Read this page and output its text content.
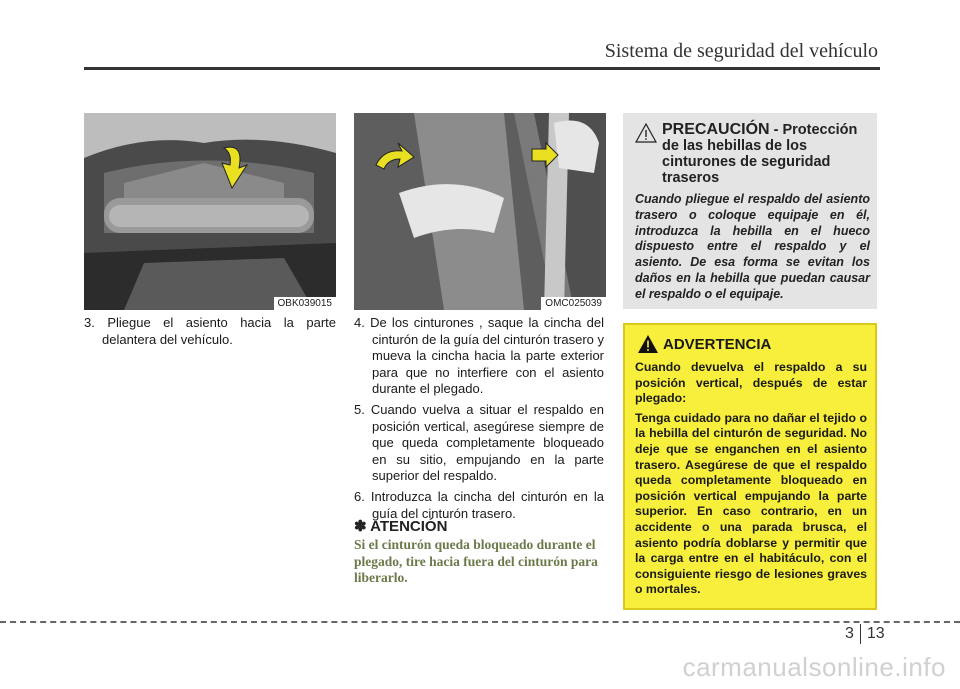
Sistema de seguridad del vehículo
OBK039015	OMC025039

3. Pliegue el asiento hacia la parte delantera del vehículo.

4. De los cinturones , saque la cincha del cinturón de la guía del cinturón trasero y mueva la cincha hacia la parte exterior para que no interfiere con el asiento durante el plegado.

5. Cuando vuelva a situar el respaldo en posición vertical, asegúrese siempre de que queda completamente bloqueado en su sitio, empujando en la parte superior del respaldo.

6. Introduzca la cincha del cinturón en la guía del cinturón trasero.

✽ ATENCIÓN
Si el cinturón queda bloqueado durante el plegado, tire hacia fuera del cinturón para liberarlo.
PRECAUCIÓN - Protección de las hebillas de los cinturones de seguridad traseros
Cuando pliegue el respaldo del asiento trasero o coloque equipaje en él, introduzca la hebilla en el hueco dispuesto entre el respaldo y el asiento. De esa forma se evitan los daños en la hebilla que puedan causar el respaldo o el equipaje.
ADVERTENCIA

Cuando devuelva el respaldo a su posición vertical, después de estar plegado:

Tenga cuidado para no dañar el tejido o la hebilla del cinturón de seguridad. No deje que se enganchen en el asiento trasero. Asegúrese de que el respaldo queda completamente bloqueado en posición vertical empujando la parte superior. En caso contrario, en un accidente o una parada brusca, el asiento podría doblarse y permitir que la carga entre en el habitáculo, con el consiguiente riesgo de lesiones graves o mortales.

3 13
carmanualsonline.info
